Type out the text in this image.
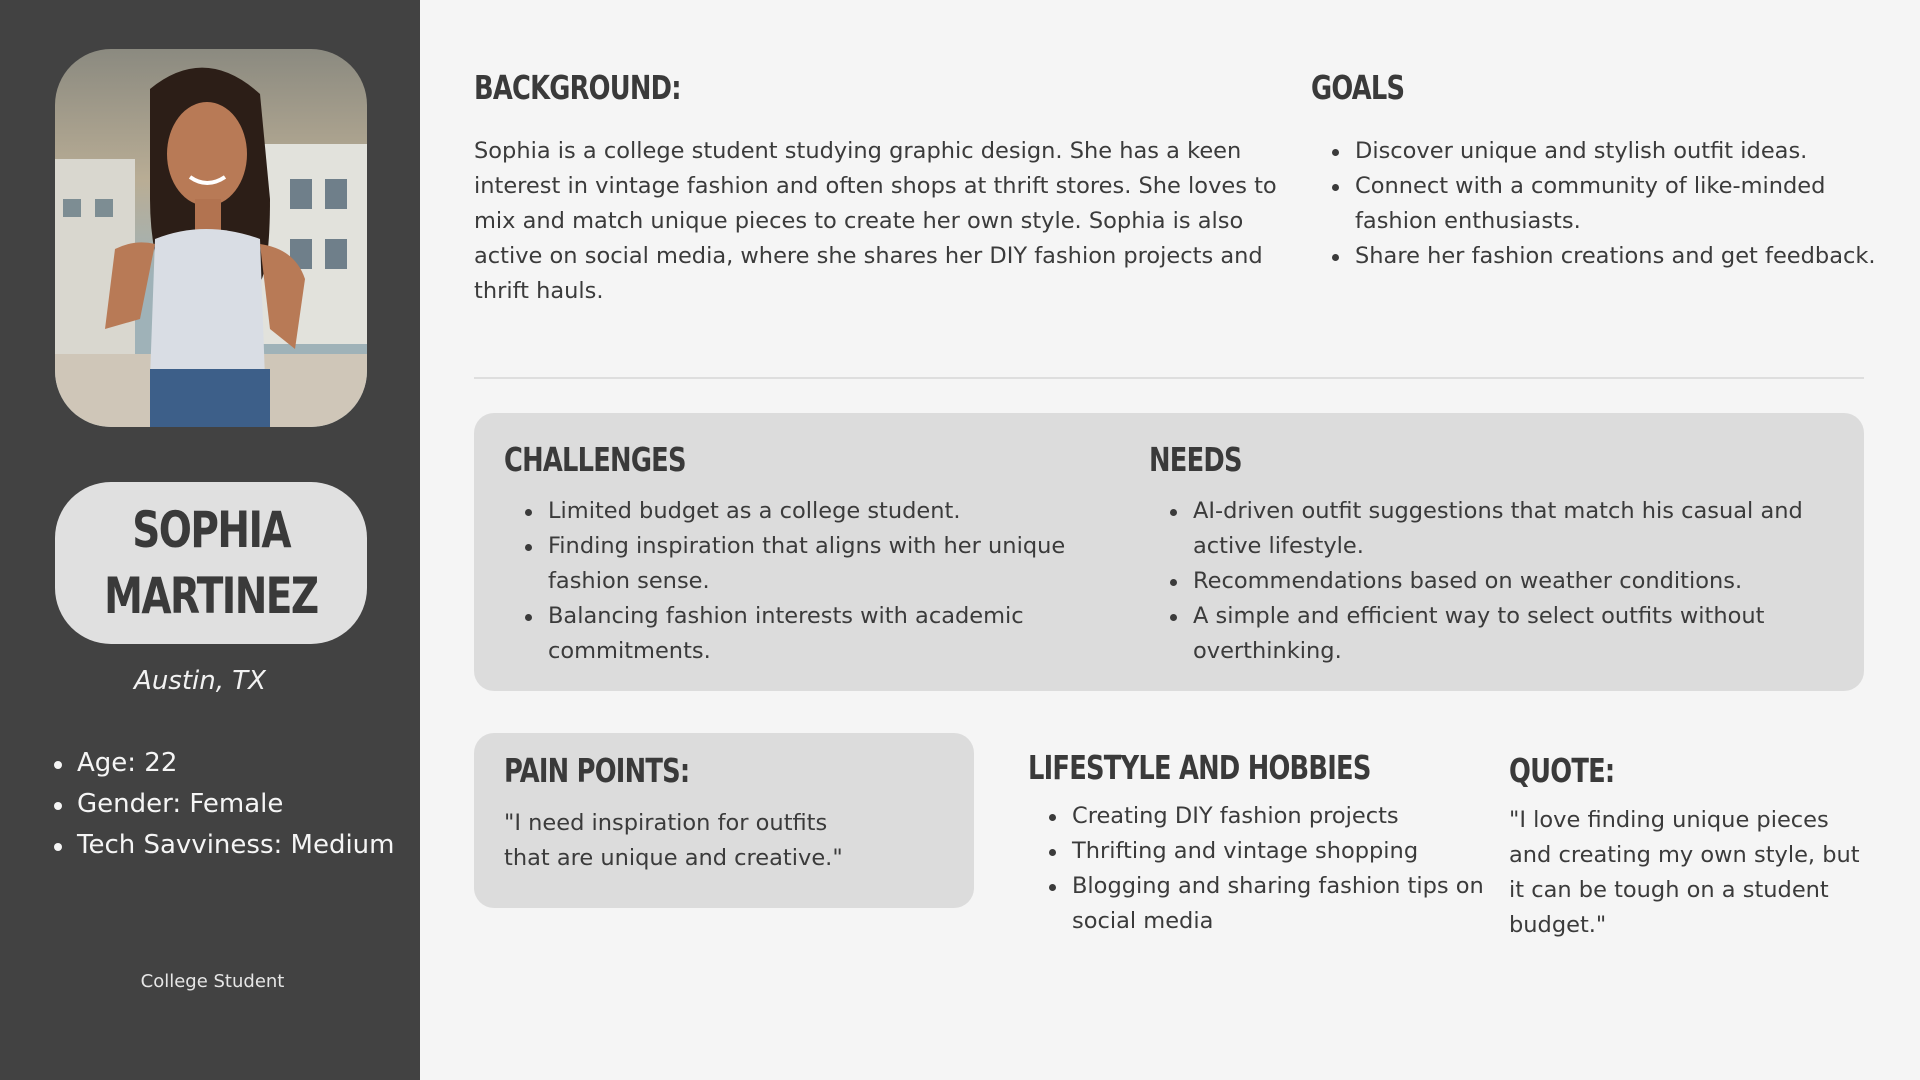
SOPHIA
MARTINEZ
Austin, TX
Age: 22
Gender: Female
Tech Savviness: Medium
College Student
BACKGROUND:

Sophia is a college student studying graphic design. She has a keen interest in vintage fashion and often shops at thrift stores. She loves to mix and match unique pieces to create her own style. Sophia is also active on social media, where she shares her DIY fashion projects and thrift hauls.

GOALS
Discover unique and stylish outfit ideas.
Connect with a community of like-minded fashion enthusiasts.
Share her fashion creations and get feedback.
CHALLENGES
Limited budget as a college student.
Finding inspiration that aligns with her unique fashion sense.
Balancing fashion interests with academic commitments.
NEEDS
AI-driven outfit suggestions that match his casual and active lifestyle.
Recommendations based on weather conditions.
A simple and efficient way to select outfits without overthinking.
PAIN POINTS:

"I need inspiration for outfits that are unique and creative."

LIFESTYLE AND HOBBIES
Creating DIY fashion projects
Thrifting and vintage shopping
Blogging and sharing fashion tips on social media
QUOTE:

"I love finding unique pieces and creating my own style, but it can be tough on a student budget."
